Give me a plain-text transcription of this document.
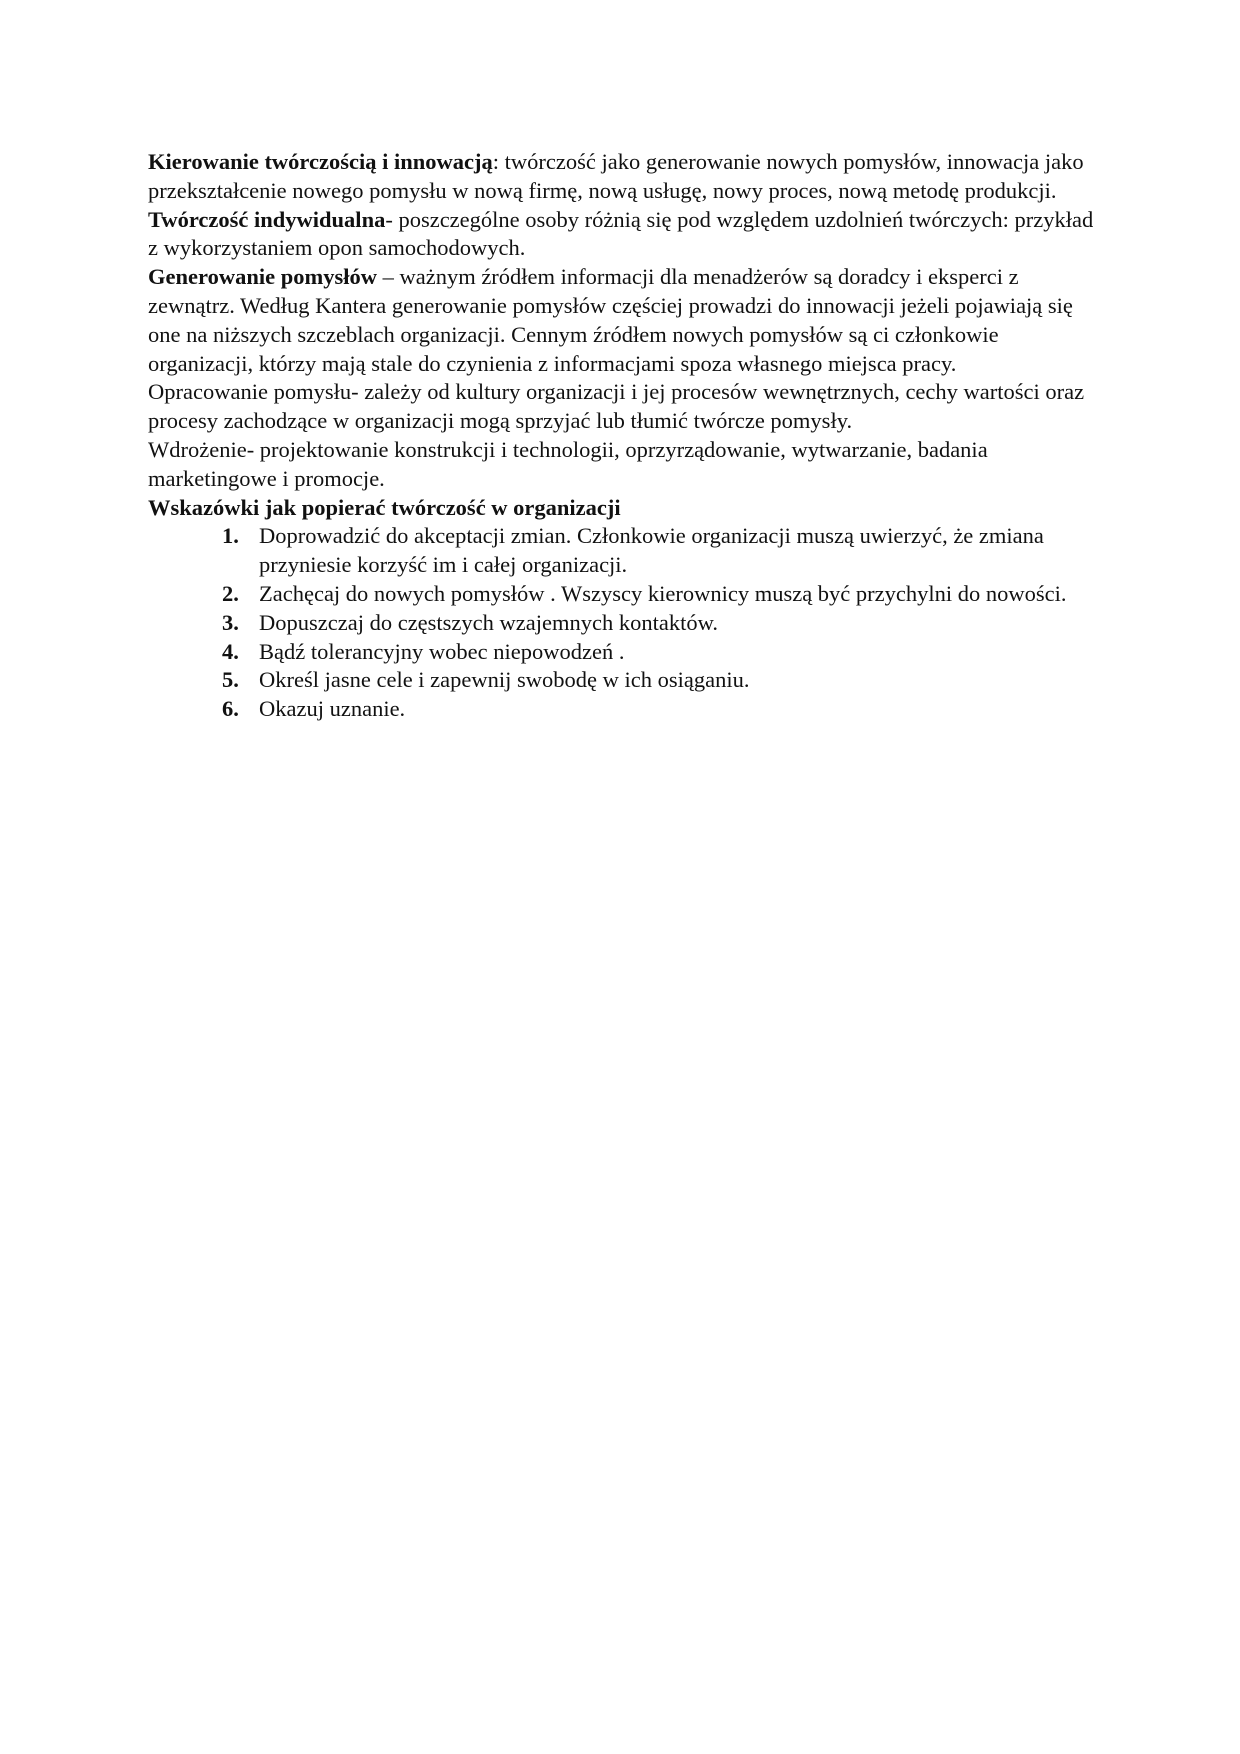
Kierowanie twórczością i innowacją: twórczość jako generowanie nowych pomysłów, innowacja jako przekształcenie nowego pomysłu w nową firmę, nową usługę, nowy proces, nową metodę produkcji.

Twórczość indywidualna- poszczególne osoby różnią się pod względem uzdolnień twórczych: przykład z wykorzystaniem opon samochodowych.

Generowanie pomysłów – ważnym źródłem informacji dla menadżerów są doradcy i eksperci z zewnątrz. Według Kantera generowanie pomysłów częściej prowadzi do innowacji jeżeli pojawiają się one na niższych szczeblach organizacji. Cennym źródłem nowych pomysłów są ci członkowie organizacji, którzy mają stale do czynienia z informacjami spoza własnego miejsca pracy.

Opracowanie pomysłu- zależy od kultury organizacji i jej procesów wewnętrznych, cechy wartości oraz procesy zachodzące w organizacji mogą sprzyjać lub tłumić twórcze pomysły.

Wdrożenie- projektowanie konstrukcji i technologii, oprzyrządowanie, wytwarzanie, badania marketingowe i promocje.

Wskazówki jak popierać twórczość w organizacji

1. Doprowadzić do akceptacji zmian. Członkowie organizacji muszą uwierzyć, że zmiana przyniesie korzyść im i całej organizacji.
2. Zachęcaj do nowych pomysłów . Wszyscy kierownicy muszą być przychylni do nowości.
3. Dopuszczaj do częstszych wzajemnych kontaktów.
4. Bądź tolerancyjny wobec niepowodzeń .
5. Określ jasne cele i zapewnij swobodę w ich osiąganiu.
6. Okazuj uznanie.
